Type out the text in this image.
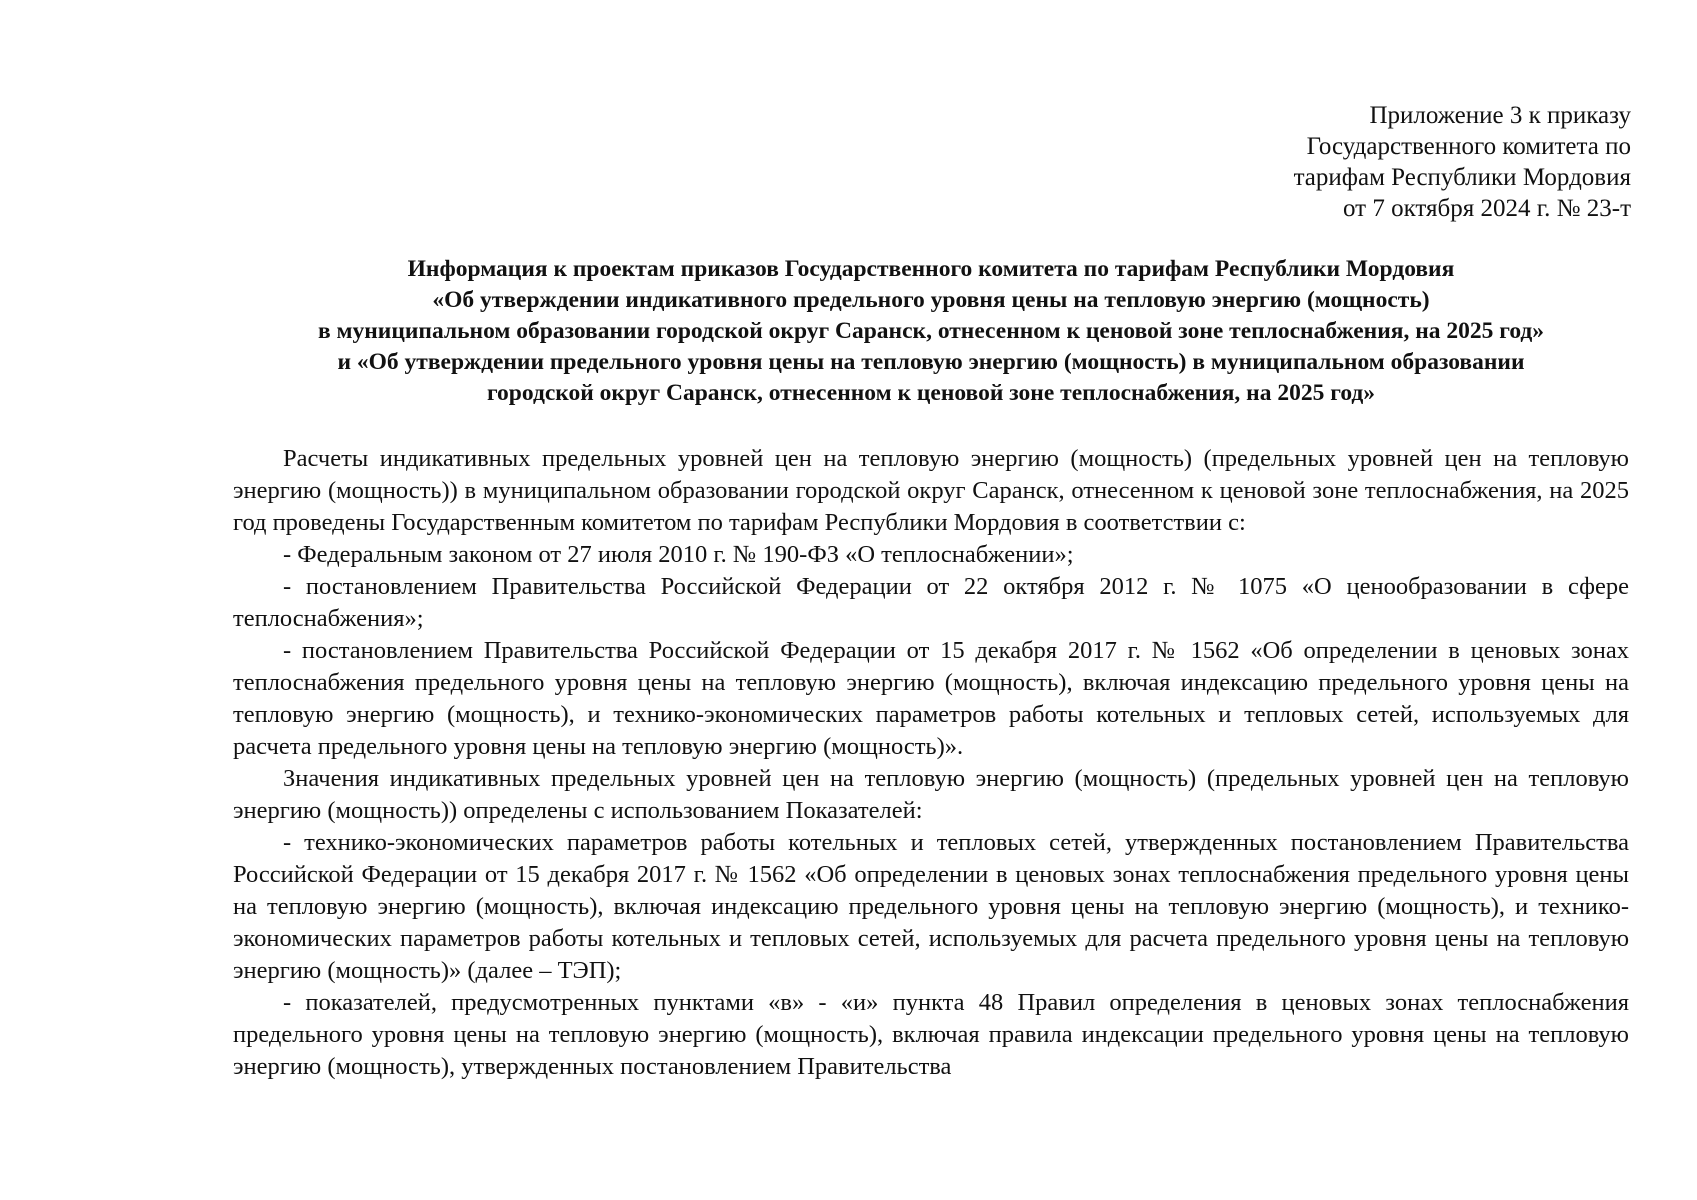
Приложение 3 к приказу
Государственного комитета по
тарифам Республики Мордовия
от 7 октября 2024 г. № 23-т
Информация к проектам приказов Государственного комитета по тарифам Республики Мордовия
«Об утверждении индикативного предельного уровня цены на тепловую энергию (мощность)
в муниципальном образовании городской округ Саранск, отнесенном к ценовой зоне теплоснабжения, на 2025 год»
и «Об утверждении предельного уровня цены на тепловую энергию (мощность) в муниципальном образовании
городской округ Саранск, отнесенном к ценовой зоне теплоснабжения, на 2025 год»

Расчеты индикативных предельных уровней цен на тепловую энергию (мощность) (предельных уровней цен на тепловую энергию (мощность)) в муниципальном образовании городской округ Саранск, отнесенном к ценовой зоне теплоснабжения, на 2025 год проведены Государственным комитетом по тарифам Республики Мордовия в соответствии с:

- Федеральным законом от 27 июля 2010 г. № 190-ФЗ «О теплоснабжении»;

- постановлением Правительства Российской Федерации от 22 октября 2012 г. № 1075 «О ценообразовании в сфере теплоснабжения»;

- постановлением Правительства Российской Федерации от 15 декабря 2017 г. № 1562 «Об определении в ценовых зонах теплоснабжения предельного уровня цены на тепловую энергию (мощность), включая индексацию предельного уровня цены на тепловую энергию (мощность), и технико-экономических параметров работы котельных и тепловых сетей, используемых для расчета предельного уровня цены на тепловую энергию (мощность)».

Значения индикативных предельных уровней цен на тепловую энергию (мощность) (предельных уровней цен на тепловую энергию (мощность)) определены с использованием Показателей:

- технико-экономических параметров работы котельных и тепловых сетей, утвержденных постановлением Правительства Российской Федерации от 15 декабря 2017 г. № 1562 «Об определении в ценовых зонах теплоснабжения предельного уровня цены на тепловую энергию (мощность), включая индексацию предельного уровня цены на тепловую энергию (мощность), и технико-экономических параметров работы котельных и тепловых сетей, используемых для расчета предельного уровня цены на тепловую энергию (мощность)» (далее – ТЭП);

- показателей, предусмотренных пунктами «в» - «и» пункта 48 Правил определения в ценовых зонах теплоснабжения предельного уровня цены на тепловую энергию (мощность), включая правила индексации предельного уровня цены на тепловую энергию (мощность), утвержденных постановлением Правительства
